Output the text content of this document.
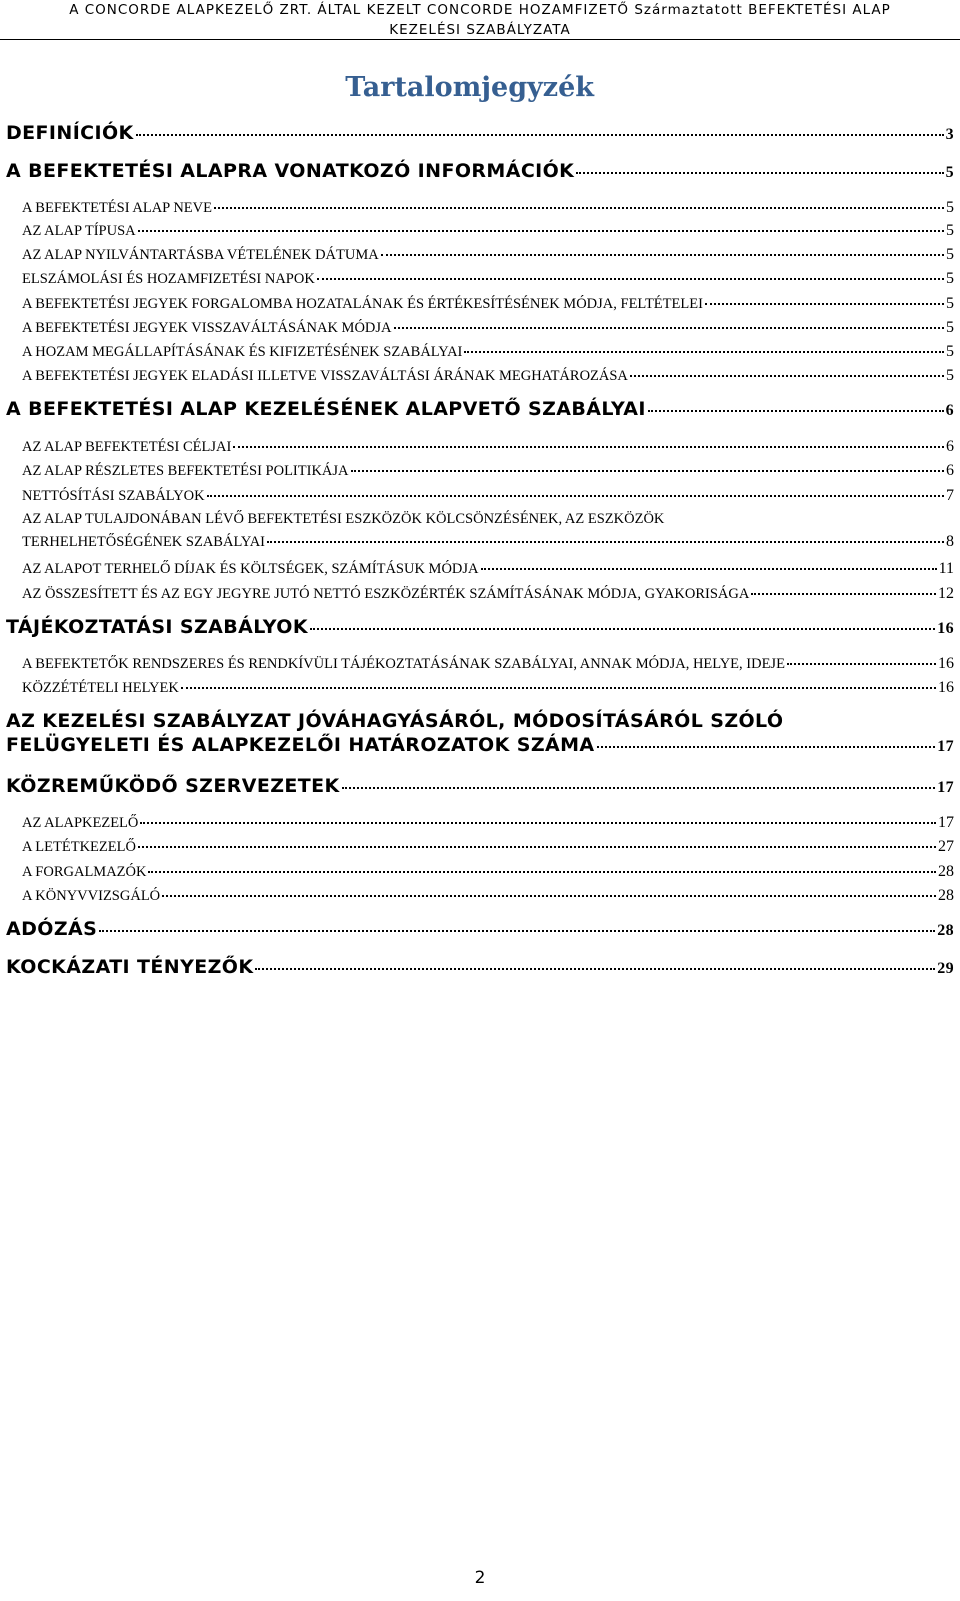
A CONCORDE ALAPKEZELŐ ZRT. ÁLTAL KEZELT CONCORDE HOZAMFIZETŐ Származtatott BEFEKTETÉSI ALAP
KEZELÉSI SZABÁLYZATA
Tartalomjegyzék
DEFINÍCIÓK	3
A BEFEKTETÉSI ALAPRA VONATKOZÓ INFORMÁCIÓK	5
A BEFEKTETÉSI ALAP NEVE	5
AZ ALAP TÍPUSA	5
AZ ALAP NYILVÁNTARTÁSBA VÉTELÉNEK DÁTUMA	5
ELSZÁMOLÁSI ÉS HOZAMFIZETÉSI NAPOK	5
A BEFEKTETÉSI JEGYEK FORGALOMBA HOZATALÁNAK ÉS ÉRTÉKESÍTÉSÉNEK MÓDJA, FELTÉTELEI	5
A BEFEKTETÉSI JEGYEK VISSZAVÁLTÁSÁNAK MÓDJA	5
A HOZAM MEGÁLLAPÍTÁSÁNAK ÉS KIFIZETÉSÉNEK SZABÁLYAI	5
A BEFEKTETÉSI JEGYEK ELADÁSI ILLETVE VISSZAVÁLTÁSI ÁRÁNAK MEGHATÁROZÁSA	5
A BEFEKTETÉSI ALAP KEZELÉSÉNEK ALAPVETŐ SZABÁLYAI	6
AZ ALAP BEFEKTETÉSI CÉLJAI	6
AZ ALAP RÉSZLETES BEFEKTETÉSI POLITIKÁJA	6
NETTÓSÍTÁSI SZABÁLYOK	7
AZ ALAP TULAJDONÁBAN LÉVŐ BEFEKTETÉSI ESZKÖZÖK KÖLCSÖNZÉSÉNEK, AZ ESZKÖZÖK
TERHELHETŐSÉGÉNEK SZABÁLYAI	8
AZ ALAPOT TERHELŐ DÍJAK ÉS KÖLTSÉGEK, SZÁMÍTÁSUK MÓDJA	11
AZ ÖSSZESÍTETT ÉS AZ EGY JEGYRE JUTÓ NETTÓ ESZKÖZÉRTÉK SZÁMÍTÁSÁNAK MÓDJA, GYAKORISÁGA	12
TÁJÉKOZTATÁSI SZABÁLYOK	16
A BEFEKTETŐK RENDSZERES ÉS RENDKÍVÜLI TÁJÉKOZTATÁSÁNAK SZABÁLYAI, ANNAK MÓDJA, HELYE, IDEJE	16
KÖZZÉTÉTELI HELYEK	16
AZ KEZELÉSI SZABÁLYZAT JÓVÁHAGYÁSÁRÓL, MÓDOSÍTÁSÁRÓL SZÓLÓ
FELÜGYELETI ÉS ALAPKEZELŐI HATÁROZATOK SZÁMA	17
KÖZREMŰKÖDŐ SZERVEZETEK	17
AZ ALAPKEZELŐ	17
A LETÉTKEZELŐ	27
A FORGALMAZÓK	28
A KÖNYVVIZSGÁLÓ	28
ADÓZÁS	28
KOCKÁZATI TÉNYEZŐK	29
2
